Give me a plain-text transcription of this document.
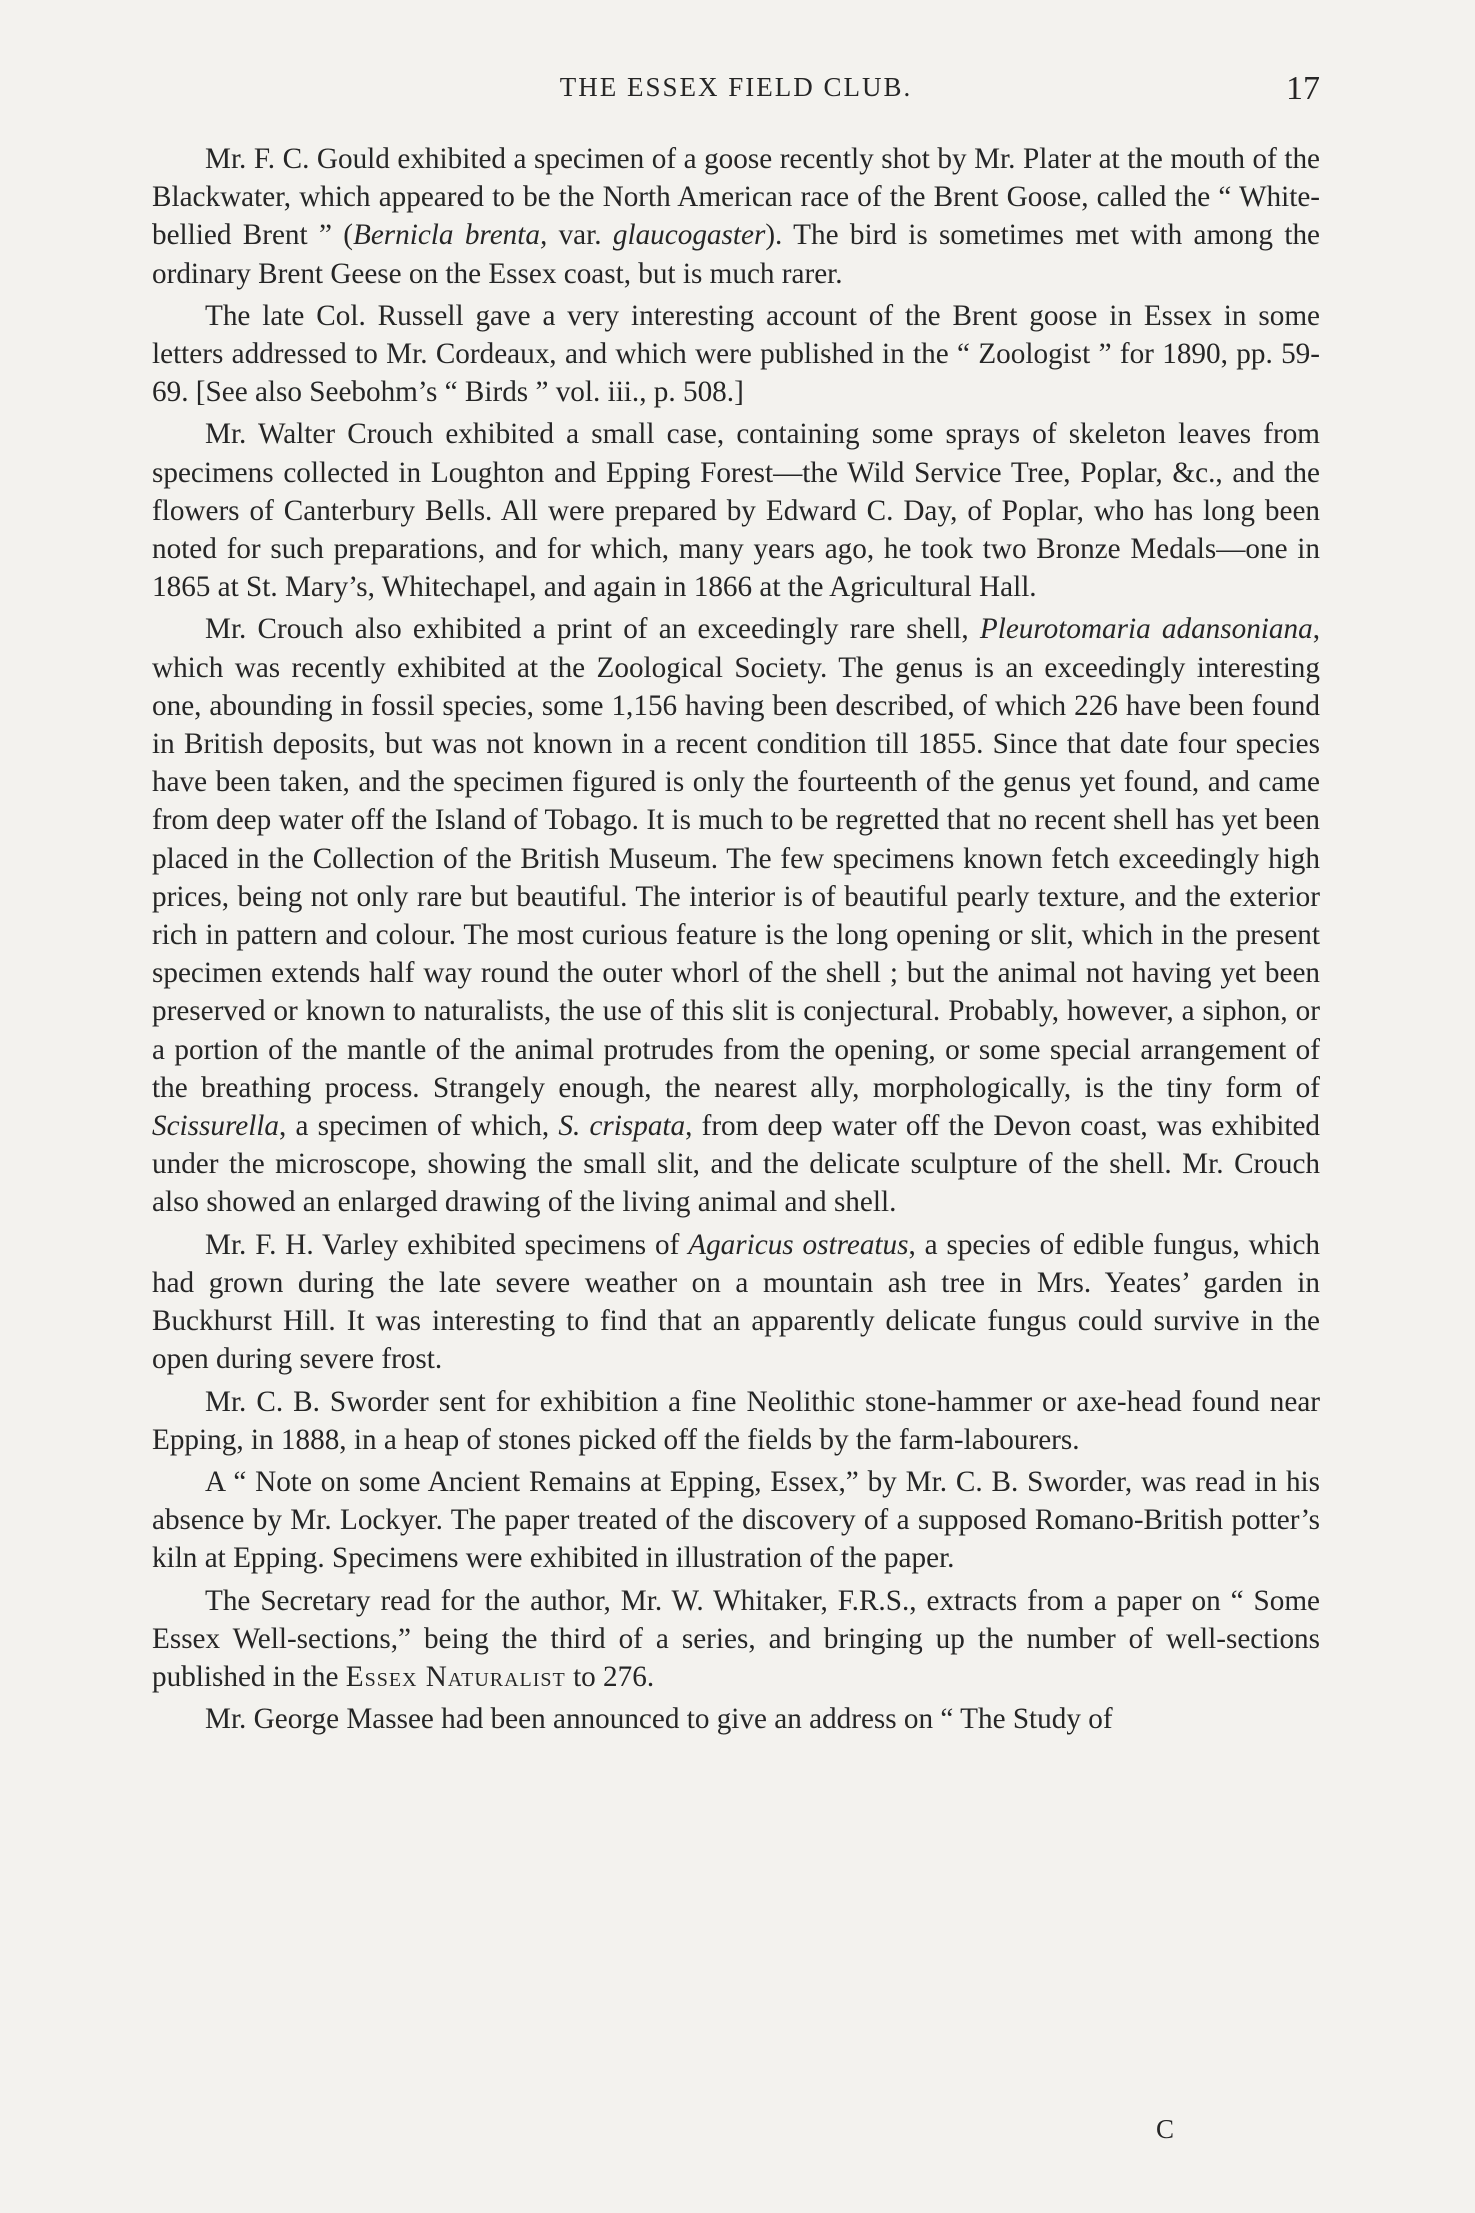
THE ESSEX FIELD CLUB.	17

Mr. F. C. Gould exhibited a specimen of a goose recently shot by Mr. Plater at the mouth of the Blackwater, which appeared to be the North American race of the Brent Goose, called the “ White-bellied Brent ” (Bernicla brenta, var. glaucogaster). The bird is sometimes met with among the ordinary Brent Geese on the Essex coast, but is much rarer.

The late Col. Russell gave a very interesting account of the Brent goose in Essex in some letters addressed to Mr. Cordeaux, and which were published in the “ Zoologist ” for 1890, pp. 59-69. [See also Seebohm’s “ Birds ” vol. iii., p. 508.]

Mr. Walter Crouch exhibited a small case, containing some sprays of skeleton leaves from specimens collected in Loughton and Epping Forest—the Wild Service Tree, Poplar, &c., and the flowers of Canterbury Bells. All were prepared by Edward C. Day, of Poplar, who has long been noted for such preparations, and for which, many years ago, he took two Bronze Medals—one in 1865 at St. Mary’s, Whitechapel, and again in 1866 at the Agricultural Hall.

Mr. Crouch also exhibited a print of an exceedingly rare shell, Pleurotomaria adansoniana, which was recently exhibited at the Zoological Society. The genus is an exceedingly interesting one, abounding in fossil species, some 1,156 having been described, of which 226 have been found in British deposits, but was not known in a recent condition till 1855. Since that date four species have been taken, and the specimen figured is only the fourteenth of the genus yet found, and came from deep water off the Island of Tobago. It is much to be regretted that no recent shell has yet been placed in the Collection of the British Museum. The few specimens known fetch exceedingly high prices, being not only rare but beautiful. The interior is of beautiful pearly texture, and the exterior rich in pattern and colour. The most curious feature is the long opening or slit, which in the present specimen extends half way round the outer whorl of the shell ; but the animal not having yet been preserved or known to naturalists, the use of this slit is conjectural. Probably, however, a siphon, or a portion of the mantle of the animal protrudes from the opening, or some special arrangement of the breathing process. Strangely enough, the nearest ally, morphologically, is the tiny form of Scissurella, a specimen of which, S. crispata, from deep water off the Devon coast, was exhibited under the microscope, showing the small slit, and the delicate sculpture of the shell. Mr. Crouch also showed an enlarged drawing of the living animal and shell.

Mr. F. H. Varley exhibited specimens of Agaricus ostreatus, a species of edible fungus, which had grown during the late severe weather on a mountain ash tree in Mrs. Yeates’ garden in Buckhurst Hill. It was interesting to find that an apparently delicate fungus could survive in the open during severe frost.

Mr. C. B. Sworder sent for exhibition a fine Neolithic stone-hammer or axe-head found near Epping, in 1888, in a heap of stones picked off the fields by the farm-labourers.

A “ Note on some Ancient Remains at Epping, Essex,” by Mr. C. B. Sworder, was read in his absence by Mr. Lockyer. The paper treated of the discovery of a supposed Romano-British potter’s kiln at Epping. Specimens were exhibited in illustration of the paper.

The Secretary read for the author, Mr. W. Whitaker, F.R.S., extracts from a paper on “ Some Essex Well-sections,” being the third of a series, and bringing up the number of well-sections published in the Essex Naturalist to 276.

Mr. George Massee had been announced to give an address on “ The Study of

C
